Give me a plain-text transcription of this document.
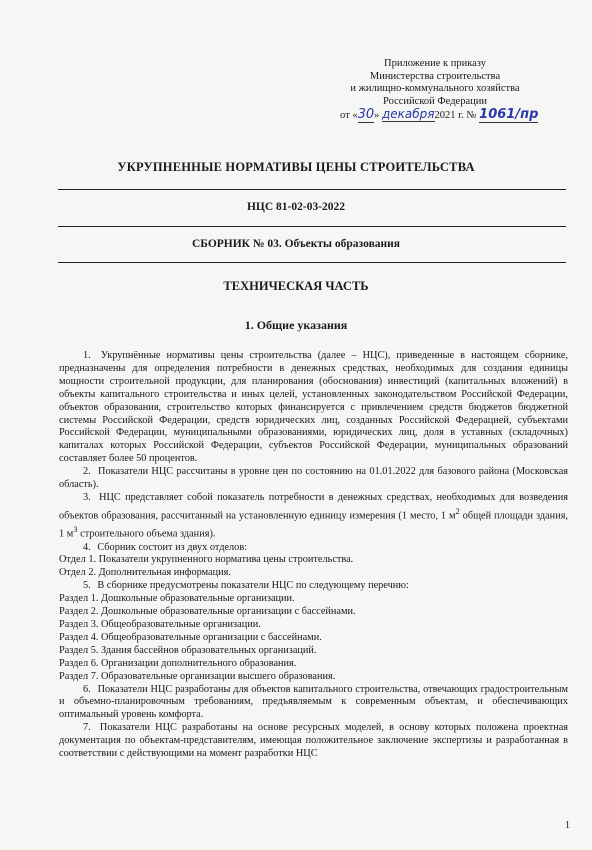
Приложение к приказу
Министерства строительства
и жилищно-коммунального хозяйства
Российской Федерации
от «30» декабря2021 г. № 1061/пр
УКРУПНЕННЫЕ НОРМАТИВЫ ЦЕНЫ СТРОИТЕЛЬСТВА
НЦС 81-02-03-2022
СБОРНИК № 03. Объекты образования
ТЕХНИЧЕСКАЯ ЧАСТЬ
1. Общие указания

1. Укрупнённые нормативы цены строительства (далее – НЦС), приведенные в настоящем сборнике, предназначены для определения потребности в денежных средствах, необходимых для создания единицы мощности строительной продукции, для планирования (обоснования) инвестиций (капитальных вложений) в объекты капитального строительства и иных целей, установленных законодательством Российской Федерации, объектов образования, строительство которых финансируется с привлечением средств бюджетов бюджетной системы Российской Федерации, средств юридических лиц, созданных Российской Федерацией, субъектами Российской Федерации, муниципальными образованиями, юридических лиц, доля в уставных (складочных) капиталах которых Российской Федерации, субъектов Российской Федерации, муниципальных образований составляет более 50 процентов.

2. Показатели НЦС рассчитаны в уровне цен по состоянию на 01.01.2022 для базового района (Московская область).

3. НЦС представляет собой показатель потребности в денежных средствах, необходимых для возведения объектов образования, рассчитанный на установленную единицу измерения (1 место, 1 $м^2$ общей площади здания, 1 $м^3$ строительного объема здания).

4. Сборник состоит из двух отделов:

Отдел 1. Показатели укрупненного норматива цены строительства.

Отдел 2. Дополнительная информация.

5. В сборнике предусмотрены показатели НЦС по следующему перечню:

Раздел 1. Дошкольные образовательные организации.

Раздел 2. Дошкольные образовательные организации с бассейнами.

Раздел 3. Общеобразовательные организации.

Раздел 4. Общеобразовательные организации с бассейнами.

Раздел 5. Здания бассейнов образовательных организаций.

Раздел 6. Организации дополнительного образования.

Раздел 7. Образовательные организации высшего образования.

6. Показатели НЦС разработаны для объектов капитального строительства, отвечающих градостроительным и объемно-планировочным требованиям, предъявляемым к современным объектам, и обеспечивающих оптимальный уровень комфорта.

7. Показатели НЦС разработаны на основе ресурсных моделей, в основу которых положена проектная документация по объектам-представителям, имеющая положительное заключение экспертизы и разработанная в соответствии с действующими на момент разработки НЦС

1
